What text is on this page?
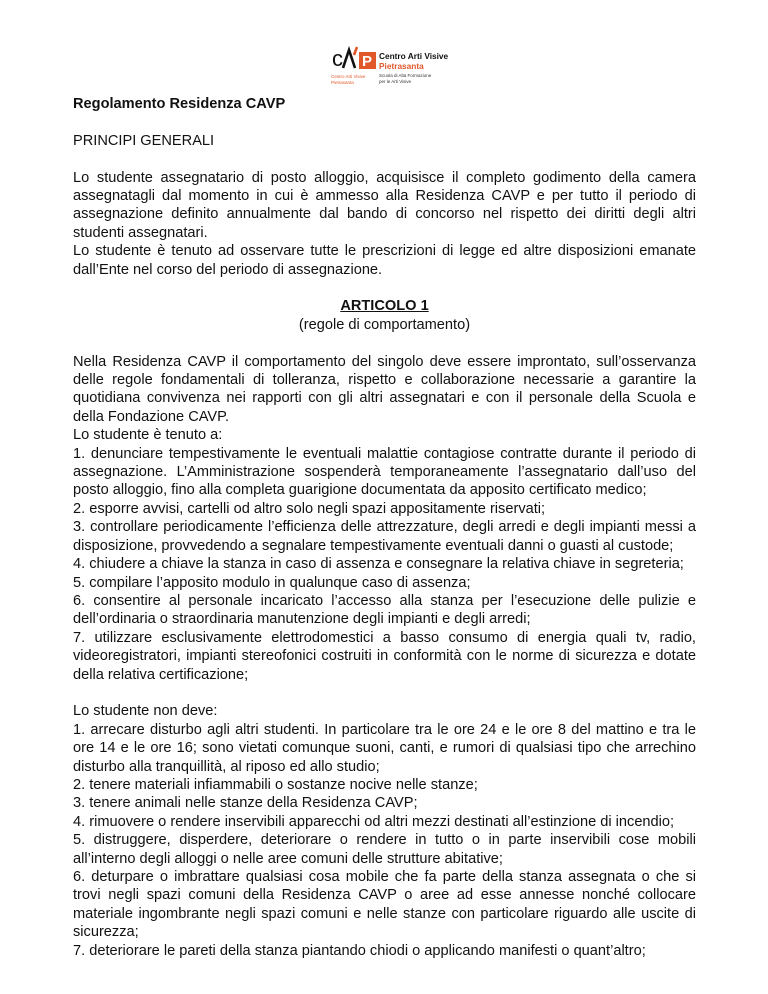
c P
Centro Arti Visive
Pietrasanta
Centro Arti Visive
Pietrasanta
Scuola di Alta Formazione
per le Arti Visive

Regolamento Residenza CAVP

PRINCIPI GENERALI

Lo studente assegnatario di posto alloggio, acquisisce il completo godimento della camera assegnatagli dal momento in cui è ammesso alla Residenza CAVP e per tutto il periodo di assegnazione definito annualmente dal bando di concorso nel rispetto dei diritti degli altri studenti assegnatari.

Lo studente è tenuto ad osservare tutte le prescrizioni di legge ed altre disposizioni emanate dall’Ente nel corso del periodo di assegnazione.

ARTICOLO 1

(regole di comportamento)

Nella Residenza CAVP il comportamento del singolo deve essere improntato, sull’osservanza delle regole fondamentali di tolleranza, rispetto e collaborazione necessarie a garantire la quotidiana convivenza nei rapporti con gli altri assegnatari e con il personale della Scuola e della Fondazione CAVP.

Lo studente è tenuto a:

1. denunciare tempestivamente le eventuali malattie contagiose contratte durante il periodo di assegnazione. L’Amministrazione sospenderà temporaneamente l’assegnatario dall’uso del posto alloggio, fino alla completa guarigione documentata da apposito certificato medico;

2. esporre avvisi, cartelli od altro solo negli spazi appositamente riservati;

3. controllare periodicamente l’efficienza delle attrezzature, degli arredi e degli impianti messi a disposizione, provvedendo a segnalare tempestivamente eventuali danni o guasti al custode;

4. chiudere a chiave la stanza in caso di assenza e consegnare la relativa chiave in segreteria;

5. compilare l’apposito modulo in qualunque caso di assenza;

6. consentire al personale incaricato l’accesso alla stanza per l’esecuzione delle pulizie e dell’ordinaria o straordinaria manutenzione degli impianti e degli arredi;

7. utilizzare esclusivamente elettrodomestici a basso consumo di energia quali tv, radio, videoregistratori, impianti stereofonici costruiti in conformità con le norme di sicurezza e dotate della relativa certificazione;

Lo studente non deve:

1. arrecare disturbo agli altri studenti. In particolare tra le ore 24 e le ore 8 del mattino e tra le ore 14 e le ore 16; sono vietati comunque suoni, canti, e rumori di qualsiasi tipo che arrechino disturbo alla tranquillità, al riposo ed allo studio;

2. tenere materiali infiammabili o sostanze nocive nelle stanze;

3. tenere animali nelle stanze della Residenza CAVP;

4. rimuovere o rendere inservibili apparecchi od altri mezzi destinati all’estinzione di incendio;

5. distruggere, disperdere, deteriorare o rendere in tutto o in parte inservibili cose mobili all’interno degli alloggi o nelle aree comuni delle strutture abitative;

6. deturpare o imbrattare qualsiasi cosa mobile che fa parte della stanza assegnata o che si trovi negli spazi comuni della Residenza CAVP o aree ad esse annesse nonché collocare materiale ingombrante negli spazi comuni e nelle stanze con particolare riguardo alle uscite di sicurezza;

7. deteriorare le pareti della stanza piantando chiodi o applicando manifesti o quant’altro;
